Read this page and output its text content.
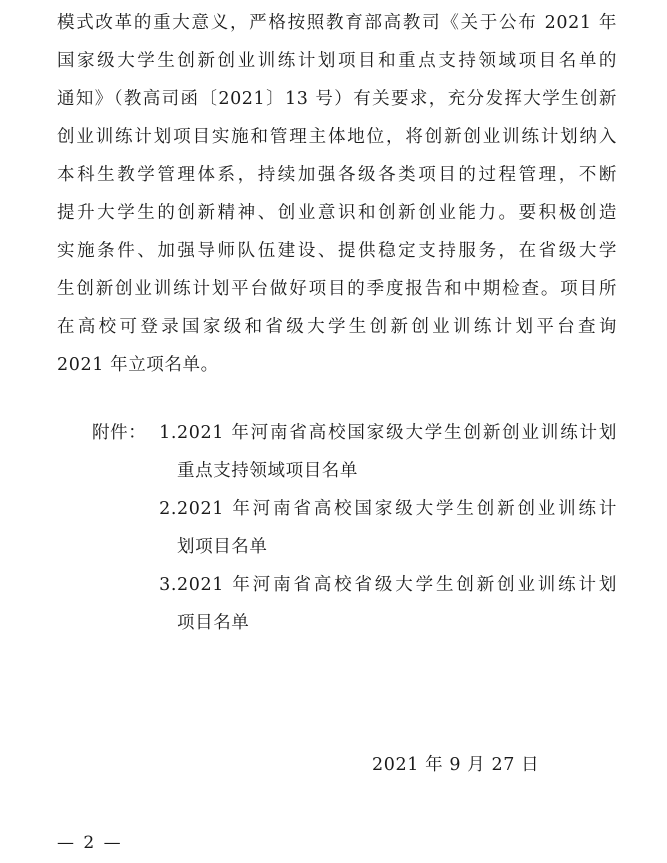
模式改革的重大意义，严格按照教育部高教司《关于公布 2021 年
国家级大学生创新创业训练计划项目和重点支持领域项目名单的
通知》（教高司函〔2021〕13 号）有关要求，充分发挥大学生创新
创业训练计划项目实施和管理主体地位，将创新创业训练计划纳入
本科生教学管理体系，持续加强各级各类项目的过程管理，不断
提升大学生的创新精神、创业意识和创新创业能力。要积极创造
实施条件、加强导师队伍建设、提供稳定支持服务，在省级大学
生创新创业训练计划平台做好项目的季度报告和中期检查。项目所
在高校可登录国家级和省级大学生创新创业训练计划平台查询
2021 年立项名单。
附件： 1. 2021 年河南省高校国家级大学生创新创业训练计划
重点支持领域项目名单
2. 2021 年河南省高校国家级大学生创新创业训练计
划项目名单
3. 2021 年河南省高校省级大学生创新创业训练计划
项目名单
2021 年 9 月 27 日
— 2 —
